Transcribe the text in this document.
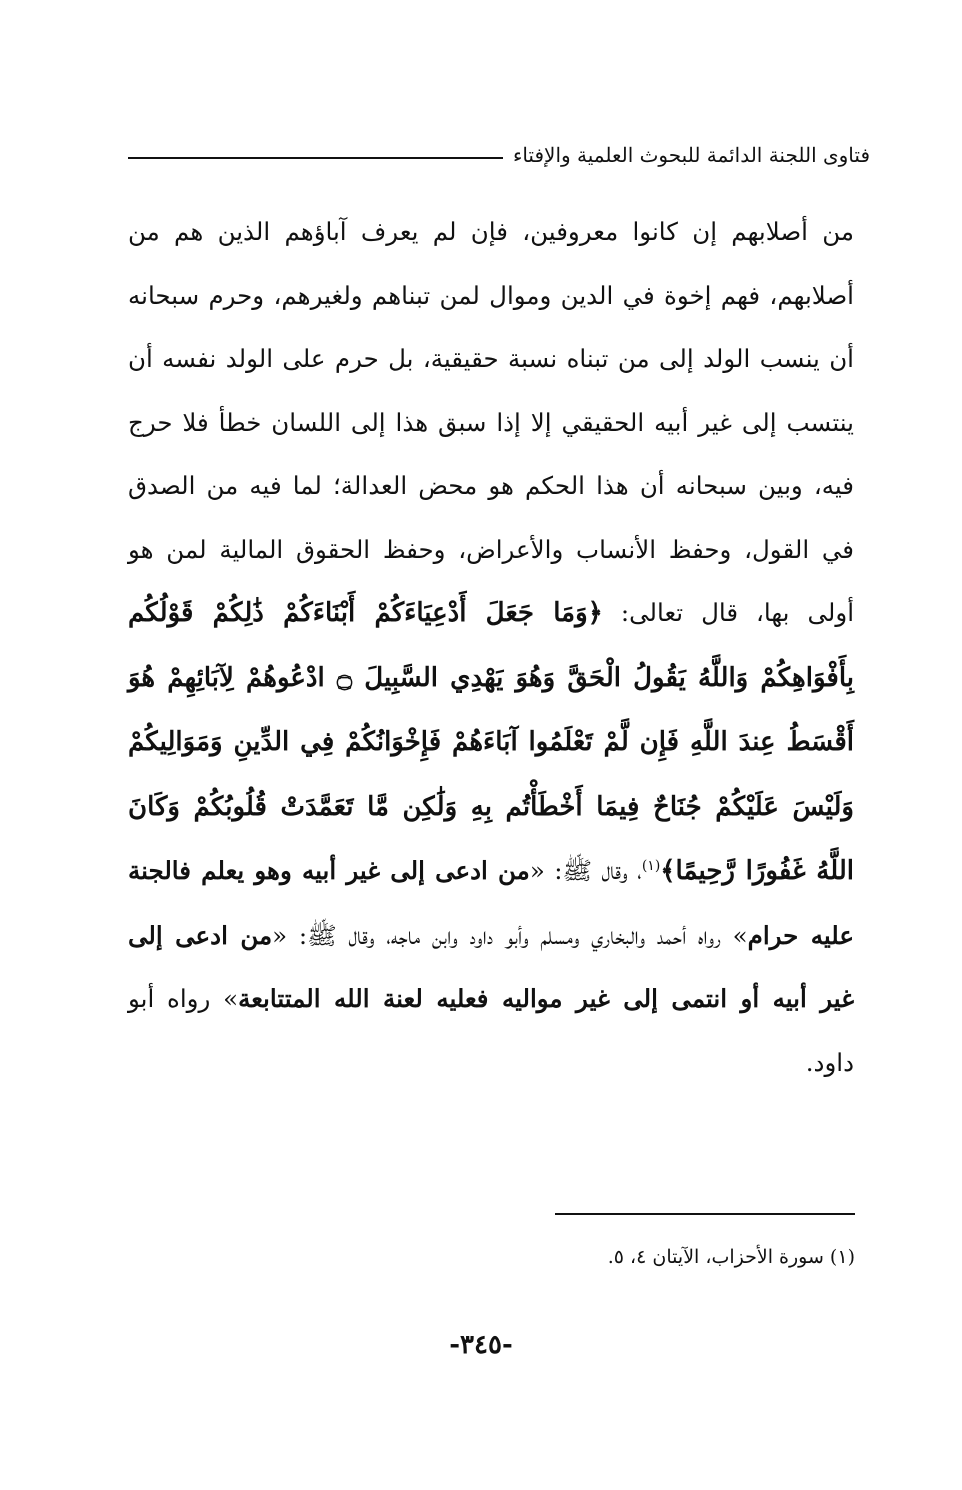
فتاوى اللجنة الدائمة للبحوث العلمية والإفتاء
من أصلابهم إن كانوا معروفين، فإن لم يعرف آباؤهم الذين هم من أصلابهم، فهم إخوة في الدين وموال لمن تبناهم ولغيرهم، وحرم سبحانه أن ينسب الولد إلى من تبناه نسبة حقيقية، بل حرم على الولد نفسه أن ينتسب إلى غير أبيه الحقيقي إلا إذا سبق هذا إلى اللسان خطأ فلا حرج فيه، وبين سبحانه أن هذا الحكم هو محض العدالة؛ لما فيه من الصدق في القول، وحفظ الأنساب والأعراض، وحفظ الحقوق المالية لمن هو أولى بها، قال تعالى: ﴿وَمَا جَعَلَ أَدْعِيَاءَكُمْ أَبْنَاءَكُمْ ذَٰلِكُمْ قَوْلُكُم بِأَفْوَاهِكُمْ وَاللَّهُ يَقُولُ الْحَقَّ وَهُوَ يَهْدِي السَّبِيلَ ۝ ادْعُوهُمْ لِآبَائِهِمْ هُوَ أَقْسَطُ عِندَ اللَّهِ فَإِن لَّمْ تَعْلَمُوا آبَاءَهُمْ فَإِخْوَانُكُمْ فِي الدِّينِ وَمَوَالِيكُمْ وَلَيْسَ عَلَيْكُمْ جُنَاحٌ فِيمَا أَخْطَأْتُم بِهِ وَلَٰكِن مَّا تَعَمَّدَتْ قُلُوبُكُمْ وَكَانَ اللَّهُ غَفُورًا رَّحِيمًا﴾$^{(١)}$، وقال ﷺ: «من ادعى إلى غير أبيه وهو يعلم فالجنة عليه حرام» رواه أحمد والبخاري ومسلم وأبو داود وابن ماجه، وقال ﷺ: «من ادعى إلى غير أبيه أو انتمى إلى غير مواليه فعليه لعنة الله المتتابعة» رواه أبو داود.
(١) سورة الأحزاب، الآيتان ٤، ٥.
-٣٤٥-
